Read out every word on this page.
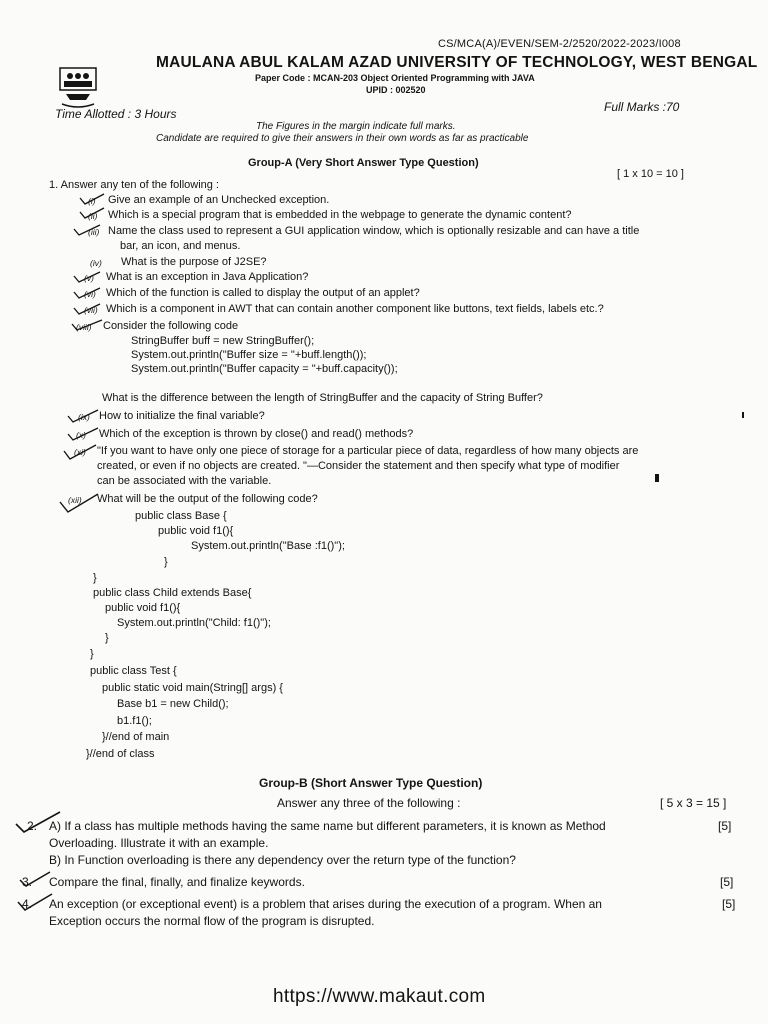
CS/MCA(A)/EVEN/SEM-2/2520/2022-2023/I008
MAULANA ABUL KALAM AZAD UNIVERSITY OF TECHNOLOGY, WEST BENGAL
Paper Code : MCAN-203 Object Oriented Programming with JAVA
UPID : 002520
Time Allotted : 3 Hours	Full Marks :70
The Figures in the margin indicate full marks.
Candidate are required to give their answers in their own words as far as practicable
Group-A (Very Short Answer Type Question)
[ 1 x 10 = 10 ]
1. Answer any ten of the following :
(i) Give an example of an Unchecked exception.
(ii) Which is a special program that is embedded in the webpage to generate the dynamic content?
(iii) Name the class used to represent a GUI application window, which is optionally resizable and can have a title
bar, an icon, and menus.
(iv) What is the purpose of J2SE?
(v) What is an exception in Java Application?
(vi) Which of the function is called to display the output of an applet?
(vii) Which is a component in AWT that can contain another component like buttons, text fields, labels etc.?
(viii) Consider the following code
StringBuffer buff = new StringBuffer();
System.out.println("Buffer size = "+buff.length());
System.out.println("Buffer capacity = "+buff.capacity());
What is the difference between the length of StringBuffer and the capacity of String Buffer?
(ix) How to initialize the final variable?
(x) Which of the exception is thrown by close() and read() methods?
(xi) "If you want to have only one piece of storage for a particular piece of data, regardless of how many objects are
created, or even if no objects are created. "—Consider the statement and then specify what type of modifier
can be associated with the variable.
(xii) What will be the output of the following code?
public class Base {
public void f1(){
System.out.println("Base :f1()");
}
}
public class Child extends Base{
public void f1(){
System.out.println("Child: f1()");
}
}
public class Test {
public static void main(String[] args) {
Base b1 = new Child();
b1.f1();
}//end of main
}//end of class
Group-B (Short Answer Type Question)
Answer any three of the following :	[ 5 x 3 = 15 ]
2. A) If a class has multiple methods having the same name but different parameters, it is known as Method
Overloading. Illustrate it with an example.
B) In Function overloading is there any dependency over the return type of the function?
[5]
3. Compare the final, finally, and finalize keywords.	[5]
4. An exception (or exceptional event) is a problem that arises during the execution of a program. When an
Exception occurs the normal flow of the program is disrupted.
[5]
https://www.makaut.com
